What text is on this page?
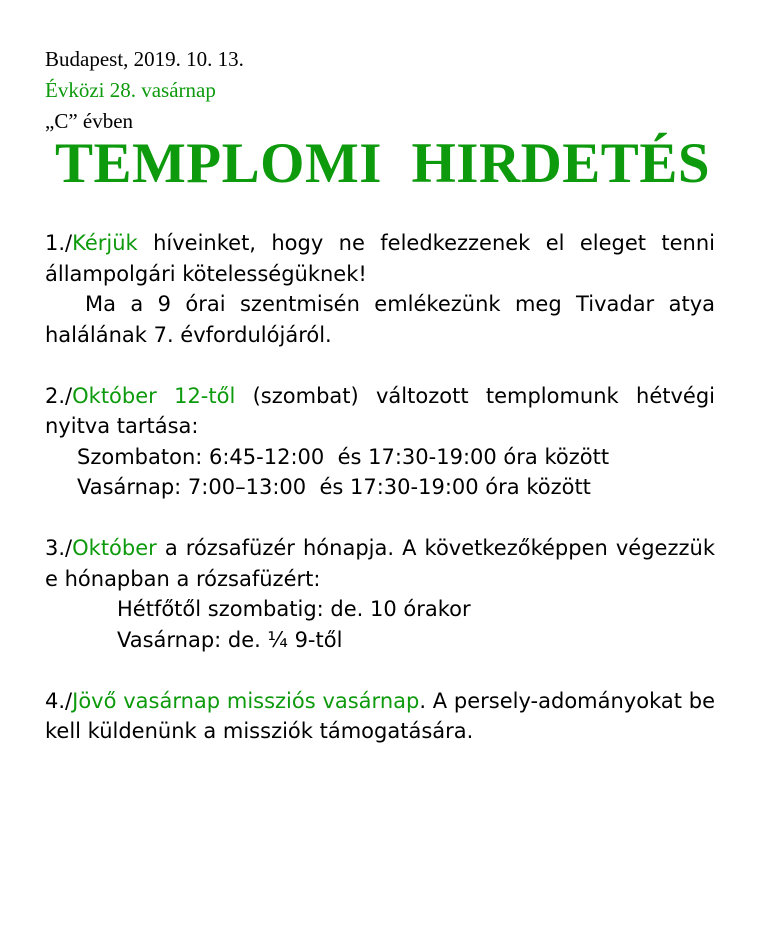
Budapest, 2019. 10. 13.
Évközi 28. vasárnap
„C” évben
TEMPLOMI  HIRDETÉS

1./Kérjük híveinket, hogy ne feledkezzenek el eleget tenni állampolgári kötelességüknek!

Ma a 9 órai szentmisén emlékezünk meg Tivadar atya halálának 7. évfordulójáról.

2./Október 12-től (szombat) változott templomunk hétvégi nyitva tartása:

Szombaton: 6:45-12:00  és 17:30-19:00 óra között
Vasárnap: 7:00–13:00  és 17:30-19:00 óra között

3./Október a rózsafüzér hónapja. A következőképpen végezzük e hónapban a rózsafüzért:

Hétfőtől szombatig: de. 10 órakor
Vasárnap: de. ¼ 9-től

4./Jövő vasárnap missziós vasárnap. A persely-adományokat be kell küldenünk a missziók támogatására.
